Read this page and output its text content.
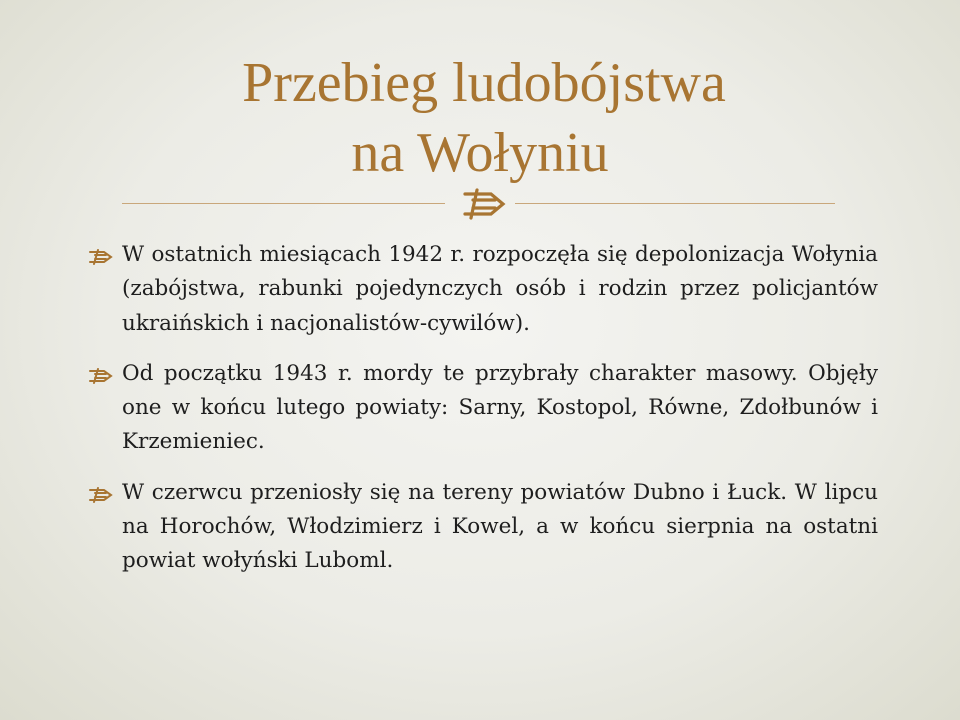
Przebieg ludobójstwa
na Wołyniu

W ostatnich miesiącach 1942 r. rozpoczęła się depolonizacja Wołynia (zabójstwa, rabunki pojedynczych osób i rodzin przez policjantów ukraińskich i nacjonalistów-cywilów).

Od początku 1943 r. mordy te przybrały charakter masowy. Objęły one w końcu lutego powiaty: Sarny, Kostopol, Równe, Zdołbunów i Krzemieniec.

W czerwcu przeniosły się na tereny powiatów Dubno i Łuck. W lipcu na Horochów, Włodzimierz i Kowel, a w końcu sierpnia na ostatni powiat wołyński Luboml.
